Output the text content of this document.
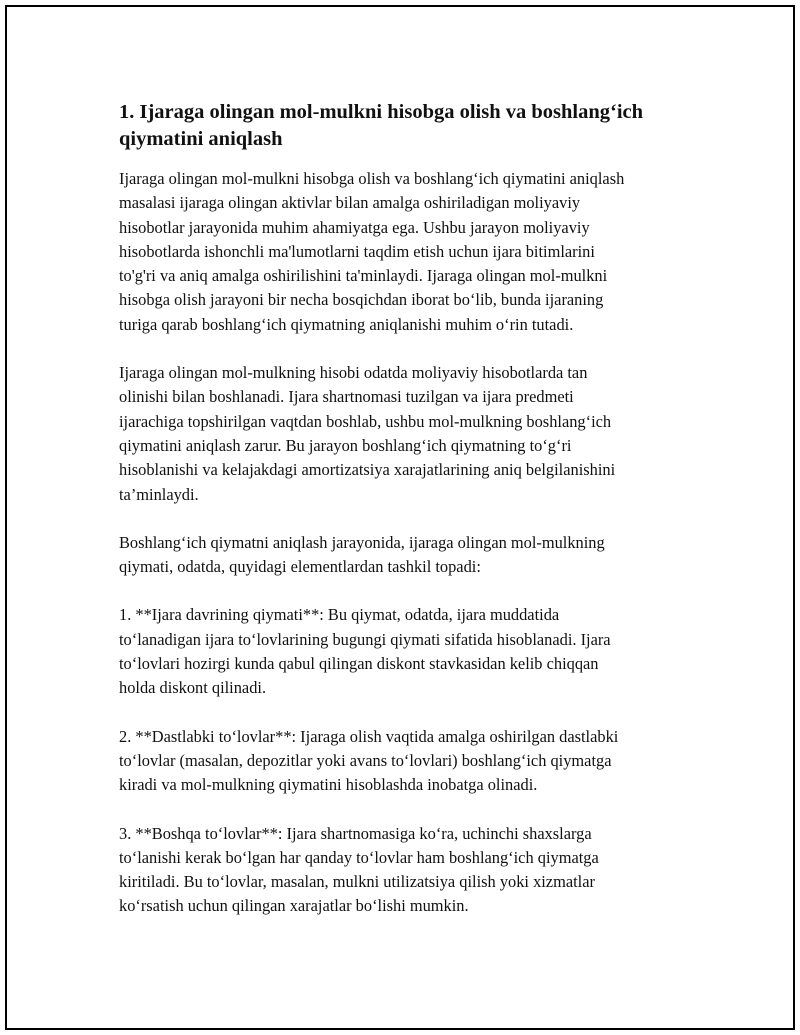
1. Ijaraga olingan mol-mulkni hisobga olish va boshlang‘ich qiymatini aniqlash

Ijaraga olingan mol-mulkni hisobga olish va boshlang‘ich qiymatini aniqlash
masalasi ijaraga olingan aktivlar bilan amalga oshiriladigan moliyaviy
hisobotlar jarayonida muhim ahamiyatga ega. Ushbu jarayon moliyaviy
hisobotlarda ishonchli ma'lumotlarni taqdim etish uchun ijara bitimlarini
to'g'ri va aniq amalga oshirilishini ta'minlaydi. Ijaraga olingan mol-mulkni
hisobga olish jarayoni bir necha bosqichdan iborat bo‘lib, bunda ijaraning
turiga qarab boshlang‘ich qiymatning aniqlanishi muhim o‘rin tutadi.

Ijaraga olingan mol-mulkning hisobi odatda moliyaviy hisobotlarda tan
olinishi bilan boshlanadi. Ijara shartnomasi tuzilgan va ijara predmeti
ijarachiga topshirilgan vaqtdan boshlab, ushbu mol-mulkning boshlang‘ich
qiymatini aniqlash zarur. Bu jarayon boshlang‘ich qiymatning to‘g‘ri
hisoblanishi va kelajakdagi amortizatsiya xarajatlarining aniq belgilanishini
ta’minlaydi.

Boshlang‘ich qiymatni aniqlash jarayonida, ijaraga olingan mol-mulkning
qiymati, odatda, quyidagi elementlardan tashkil topadi:

1. **Ijara davrining qiymati**: Bu qiymat, odatda, ijara muddatida
to‘lanadigan ijara to‘lovlarining bugungi qiymati sifatida hisoblanadi. Ijara
to‘lovlari hozirgi kunda qabul qilingan diskont stavkasidan kelib chiqqan
holda diskont qilinadi.

2. **Dastlabki to‘lovlar**: Ijaraga olish vaqtida amalga oshirilgan dastlabki
to‘lovlar (masalan, depozitlar yoki avans to‘lovlari) boshlang‘ich qiymatga
kiradi va mol-mulkning qiymatini hisoblashda inobatga olinadi.

3. **Boshqa to‘lovlar**: Ijara shartnomasiga ko‘ra, uchinchi shaxslarga
to‘lanishi kerak bo‘lgan har qanday to‘lovlar ham boshlang‘ich qiymatga
kiritiladi. Bu to‘lovlar, masalan, mulkni utilizatsiya qilish yoki xizmatlar
ko‘rsatish uchun qilingan xarajatlar bo‘lishi mumkin.
